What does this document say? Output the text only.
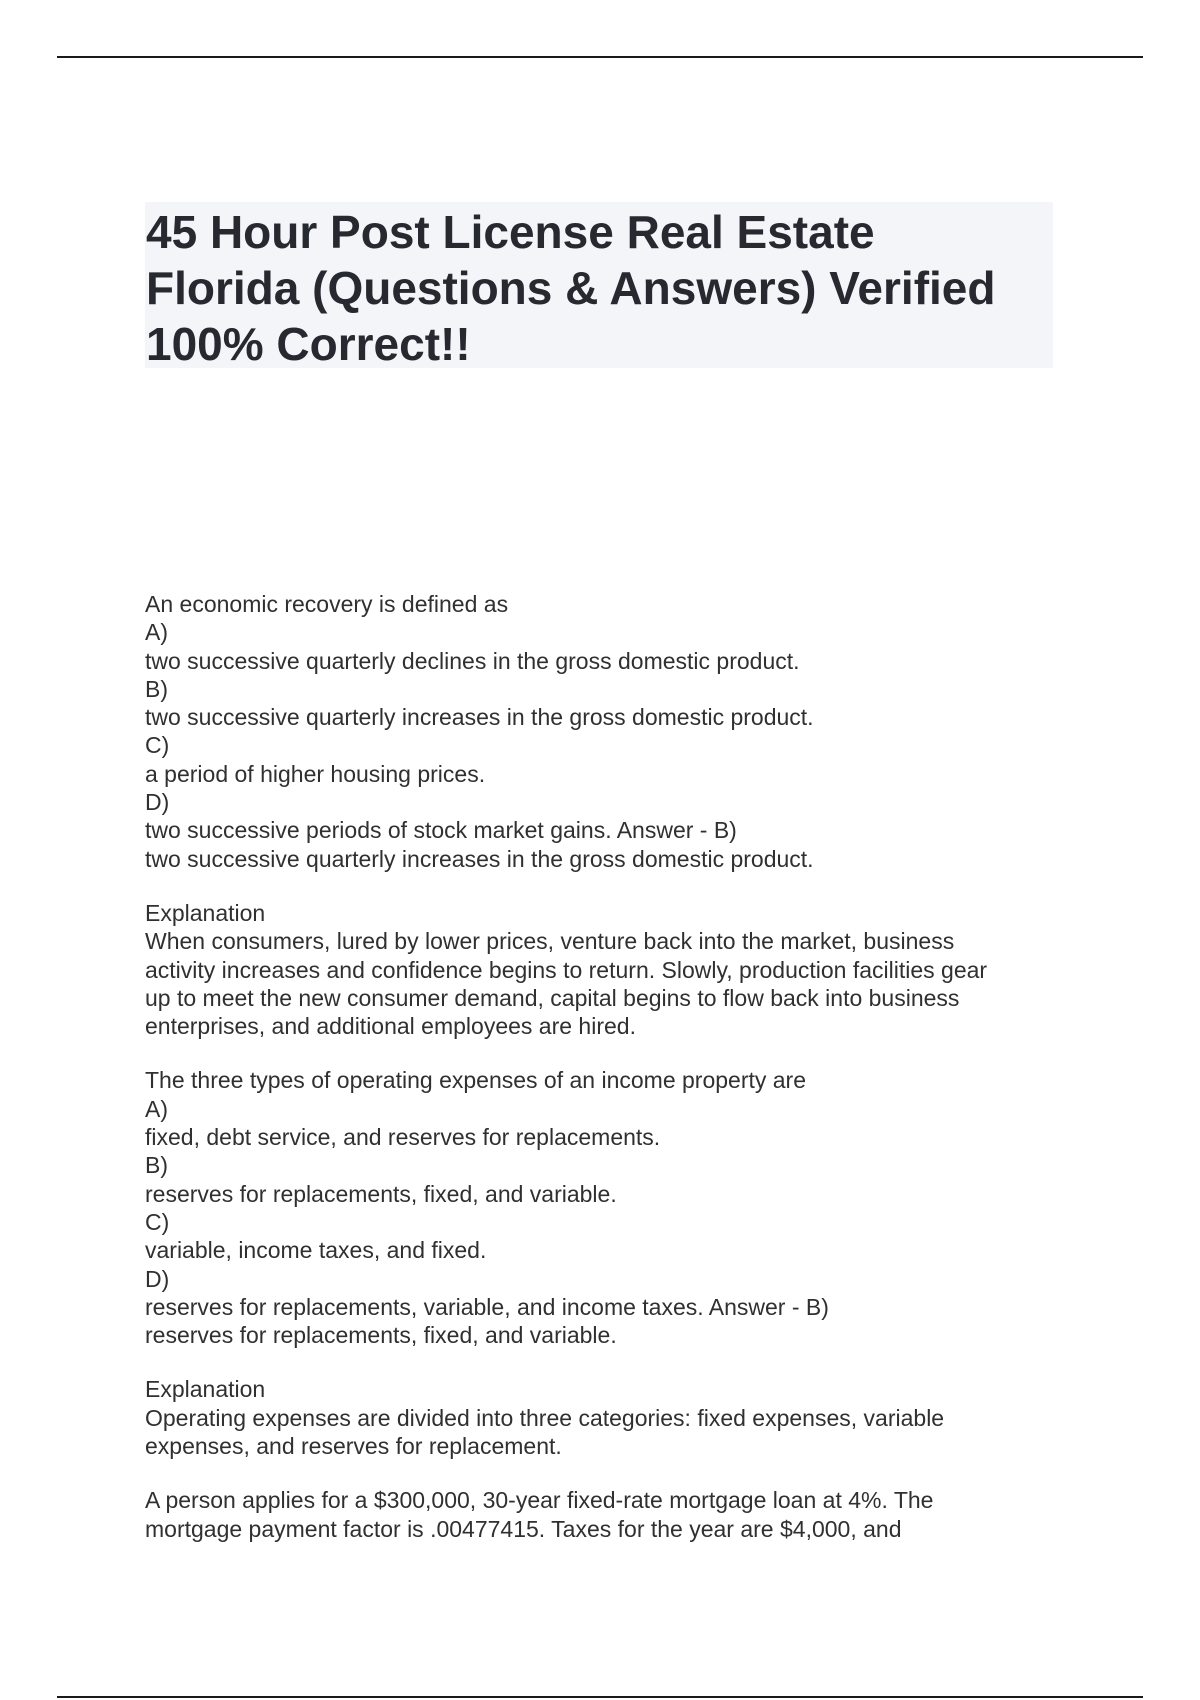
45 Hour Post License Real Estate
Florida (Questions & Answers) Verified
100% Correct!!
An economic recovery is defined as
A)
two successive quarterly declines in the gross domestic product.
B)
two successive quarterly increases in the gross domestic product.
C)
a period of higher housing prices.
D)
two successive periods of stock market gains. Answer - B)
two successive quarterly increases in the gross domestic product.
Explanation
When consumers, lured by lower prices, venture back into the market, business
activity increases and confidence begins to return. Slowly, production facilities gear
up to meet the new consumer demand, capital begins to flow back into business
enterprises, and additional employees are hired.
The three types of operating expenses of an income property are
A)
fixed, debt service, and reserves for replacements.
B)
reserves for replacements, fixed, and variable.
C)
variable, income taxes, and fixed.
D)
reserves for replacements, variable, and income taxes. Answer - B)
reserves for replacements, fixed, and variable.
Explanation
Operating expenses are divided into three categories: fixed expenses, variable
expenses, and reserves for replacement.
A person applies for a $300,000, 30-year fixed-rate mortgage loan at 4%. The
mortgage payment factor is .00477415. Taxes for the year are $4,000, and
